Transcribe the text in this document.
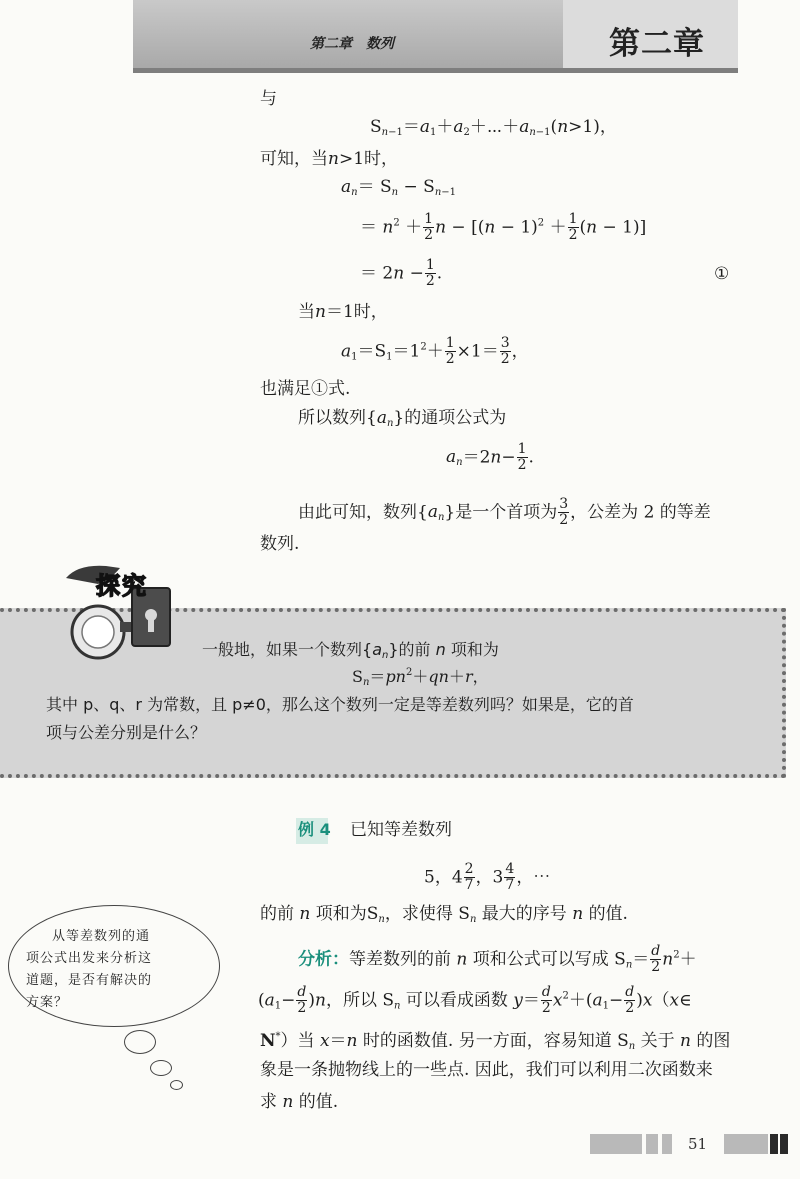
第二章　数列	第二章
与
$S_{n-1}=a_1+a_2+\cdots+a_{n-1}(n>1)$，
可知，当n>1时，
$a_n= S_n - S_{n-1}$
＝ $n^2 + \frac{1}{2}$ $n - [(n - 1)^2 + \frac{1}{2} (n - 1)]$
＝ $2n - \frac{1}{2}$ .	①
当n＝1时，
$a_1=S_1=1^2+ \frac{1}{2} \times 1= \frac{3}{2}$ ，
也满足①式.
所以数列$\{a_n\}$的通项公式为
$a_n=2n- \frac{1}{2}$ .
由此可知，数列$\{a_n\}$是一个首项为 $\frac{3}{2}$ ，公差为 2 的等差
数列.
一般地，如果一个数列$\{a_n\}$的前 n 项和为
$S_n=pn^2+qn+r$，
其中 p、q、r 为常数，且 p≠0，那么这个数列一定是等差数列吗？如果是，它的首
项与公差分别是什么？
探究
例 4 已知等差数列
5，$4 \frac{2}{7}$ ，$3 \frac{4}{7}$ ，⋯
的前 n 项和为$S_n$，求使得 $S_n$ 最大的序号 n 的值.
分析：等差数列的前 n 项和公式可以写成 $S_n= \frac{d}{2} n^2+$
$(a_1- \frac{d}{2} )n$，所以 $S_n$ 可以看成函数 $y= \frac{d}{2} x^2+(a_1- \frac{d}{2}$ )x（x∈
N*）当 x＝n 时的函数值. 另一方面，容易知道 $S_n$ 关于 n 的图
象是一条抛物线上的一些点. 因此，我们可以利用二次函数来
求 n 的值.
从等差数列的通
项公式出发来分析这
道题，是否有解决的
方案？
51
